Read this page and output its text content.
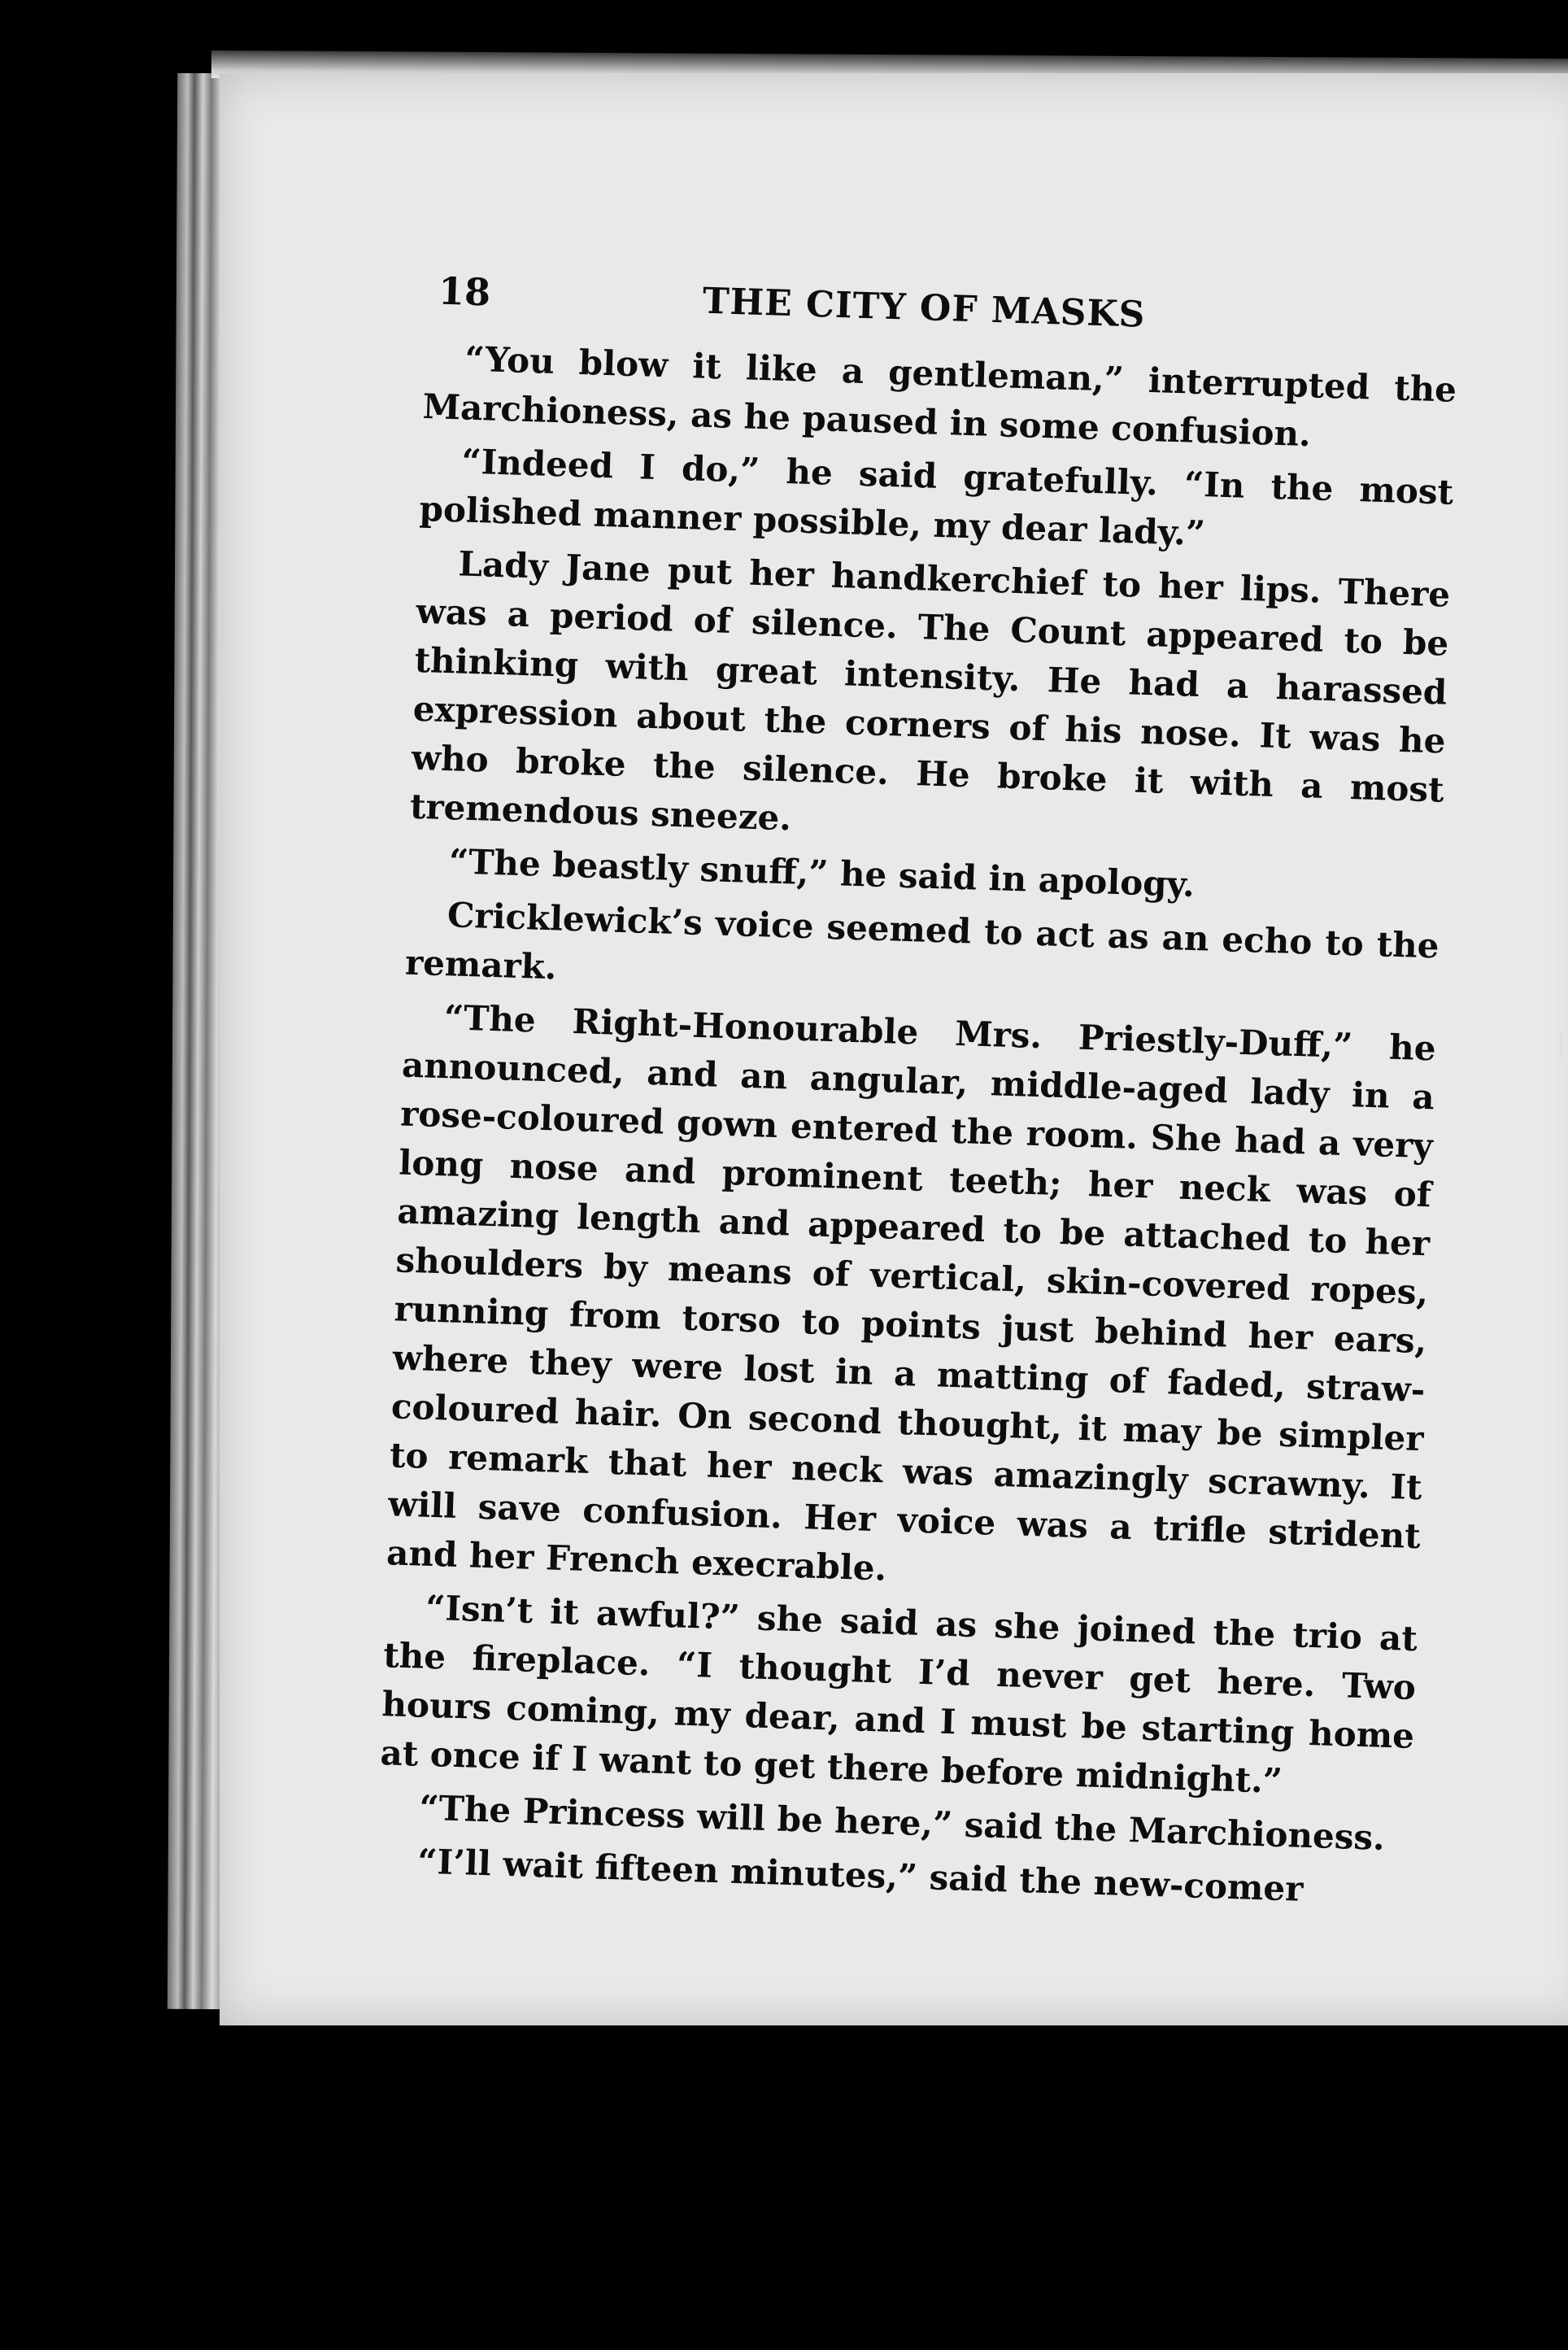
18	THE CITY OF MASKS

“You blow it like a gentleman,” interrupted the Marchioness, as he paused in some confusion.

“Indeed I do,” he said gratefully. “In the most polished manner possible, my dear lady.”

Lady Jane put her handkerchief to her lips. There was a period of silence. The Count appeared to be thinking with great intensity. He had a harassed expression about the corners of his nose. It was he who broke the silence. He broke it with a most tremendous sneeze.

“The beastly snuff,” he said in apology.

Cricklewick’s voice seemed to act as an echo to the remark.

“The Right-Honourable Mrs. Priestly-Duff,” he announced, and an angular, middle-aged lady in a rose-coloured gown entered the room. She had a very long nose and prominent teeth; her neck was of amazing length and appeared to be attached to her shoulders by means of vertical, skin-covered ropes, running from torso to points just behind her ears, where they were lost in a matting of faded, straw-coloured hair. On second thought, it may be simpler to remark that her neck was amazingly scrawny. It will save confusion. Her voice was a trifle strident and her French execrable.

“Isn’t it awful?” she said as she joined the trio at the fireplace. “I thought I’d never get here. Two hours coming, my dear, and I must be starting home at once if I want to get there before midnight.”

“The Princess will be here,” said the Marchioness.

“I’ll wait fifteen minutes,” said the new-comer
